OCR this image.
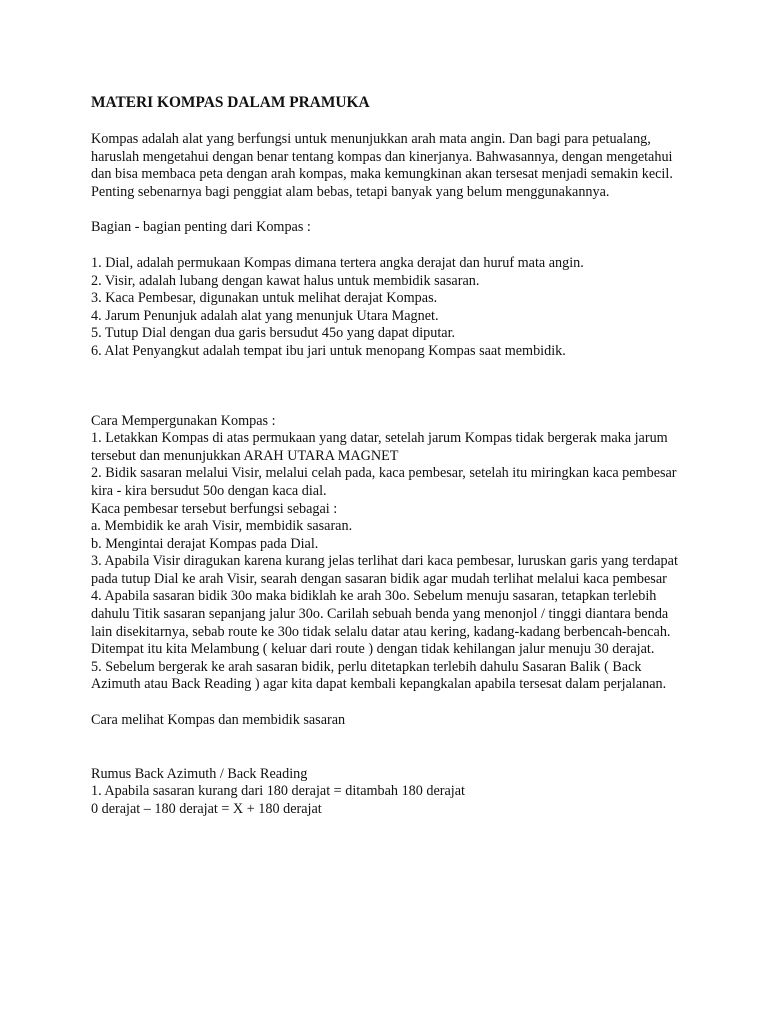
MATERI KOMPAS DALAM PRAMUKA

Kompas adalah alat yang berfungsi untuk menunjukkan arah mata angin. Dan bagi para petualang, haruslah mengetahui dengan benar tentang kompas dan kinerjanya. Bahwasannya, dengan mengetahui dan bisa membaca peta dengan arah kompas, maka kemungkinan akan tersesat menjadi semakin kecil. Penting sebenarnya bagi penggiat alam bebas, tetapi banyak yang belum menggunakannya.

Bagian - bagian penting dari Kompas :

1. Dial, adalah permukaan Kompas dimana tertera angka derajat dan huruf mata angin.
2. Visir, adalah lubang dengan kawat halus untuk membidik sasaran.
3. Kaca Pembesar, digunakan untuk melihat derajat Kompas.
4. Jarum Penunjuk adalah alat yang menunjuk Utara Magnet.
5. Tutup Dial dengan dua garis bersudut 45o yang dapat diputar.
6. Alat Penyangkut adalah tempat ibu jari untuk menopang Kompas saat membidik.

Cara Mempergunakan Kompas :

1. Letakkan Kompas di atas permukaan yang datar, setelah jarum Kompas tidak bergerak maka jarum tersebut dan menunjukkan ARAH UTARA MAGNET
2. Bidik sasaran melalui Visir, melalui celah pada, kaca pembesar, setelah itu miringkan kaca pembesar kira - kira bersudut 50o dengan kaca dial.
Kaca pembesar tersebut berfungsi sebagai :
a. Membidik ke arah Visir, membidik sasaran.
b. Mengintai derajat Kompas pada Dial.
3. Apabila Visir diragukan karena kurang jelas terlihat dari kaca pembesar, luruskan garis yang terdapat pada tutup Dial ke arah Visir, searah dengan sasaran bidik agar mudah terlihat melalui kaca pembesar
4. Apabila sasaran bidik 30o maka bidiklah ke arah 30o. Sebelum menuju sasaran, tetapkan terlebih dahulu Titik sasaran sepanjang jalur 30o. Carilah sebuah benda yang menonjol / tinggi diantara benda lain disekitarnya, sebab route ke 30o tidak selalu datar atau kering, kadang-kadang berbencah-bencah. Ditempat itu kita Melambung ( keluar dari route ) dengan tidak kehilangan jalur menuju 30 derajat.
5. Sebelum bergerak ke arah sasaran bidik, perlu ditetapkan terlebih dahulu Sasaran Balik ( Back Azimuth atau Back Reading ) agar kita dapat kembali kepangkalan apabila tersesat dalam perjalanan.

Cara melihat Kompas dan membidik sasaran

Rumus Back Azimuth / Back Reading

1. Apabila sasaran kurang dari 180 derajat = ditambah 180 derajat
0 derajat – 180 derajat = X + 180 derajat
